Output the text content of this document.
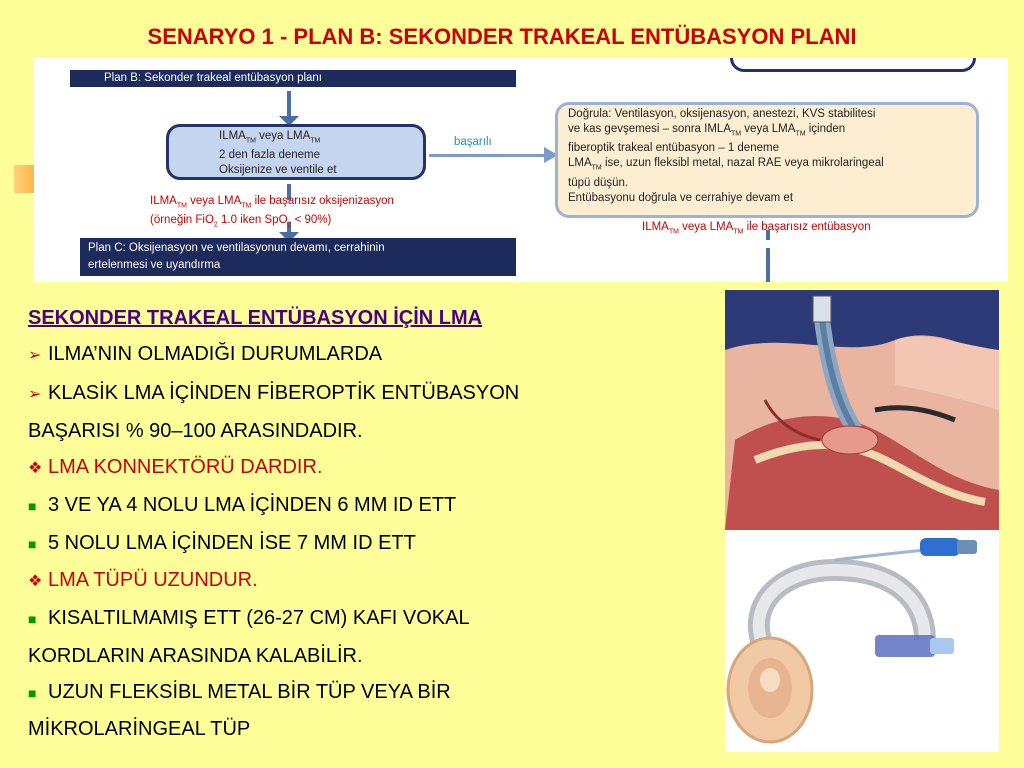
SENARYO 1 - PLAN B: SEKONDER TRAKEAL ENTÜBASYON PLANI
Plan B: Sekonder trakeal entübasyon planı
$ILMA_{TM}$ veya $LMA_{TM}$
2 den fazla deneme
Oksijenize ve ventile et
başarılı
$ILMA_{TM}$ veya $LMA_{TM}$ ile başarısız oksijenizasyon
(örneğin FiO$_2$ 1.0 iken SpO$_2$ < 90%)
Doğrula: Ventilasyon, oksijenasyon, anestezi, KVS stabilitesi
ve kas gevşemesi – sonra $IMLA_{TM}$ veya $LMA_{TM}$ içinden
fiberoptik trakeal entübasyon – 1 deneme
$LMA_{TM}$ ise, uzun fleksibl metal, nazal RAE veya mikrolaringeal
tüpü düşün.
Entübasyonu doğrula ve cerrahiye devam et
$ILMA_{TM}$ veya $LMA_{TM}$ ile başarısız entübasyon
Plan C: Oksijenasyon ve ventilasyonun devamı, cerrahinin
ertelenmesi ve uyandırma
SEKONDER TRAKEAL ENTÜBASYON İÇİN LMA
➢ ILMA’NIN OLMADIĞI DURUMLARDA
➢ KLASİK LMA İÇİNDEN FİBEROPTİK ENTÜBASYON
BAŞARISI % 90–100 ARASINDADIR.
❖ LMA KONNEKTÖRÜ DARDIR.
■ 3 VE YA 4 NOLU LMA İÇİNDEN 6 MM ID ETT
■ 5 NOLU LMA İÇİNDEN İSE 7 MM ID ETT
❖ LMA TÜPÜ UZUNDUR.
■ KISALTILMAMIŞ ETT (26-27 CM) KAFI VOKAL
KORDLARIN ARASINDA KALABİLİR.
■ UZUN FLEKSİBL METAL BİR TÜP VEYA BİR
MİKROLARİNGEAL TÜP
